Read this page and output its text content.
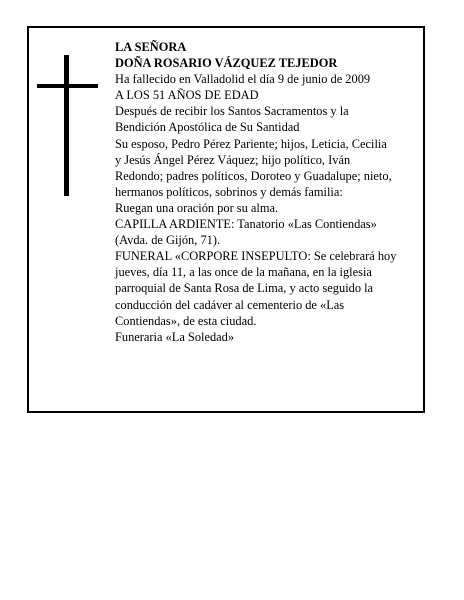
LA SEÑORA
DOÑA ROSARIO VÁZQUEZ TEJEDOR
Ha fallecido en Valladolid el día 9 de junio de 2009
A LOS 51 AÑOS DE EDAD
Después de recibir los Santos Sacramentos y la
Bendición Apostólica de Su Santidad
Su esposo, Pedro Pérez Pariente; hijos, Leticia, Cecilia
y Jesús Ángel Pérez Váquez; hijo político, Iván
Redondo; padres políticos, Doroteo y Guadalupe; nieto,
hermanos políticos, sobrinos y demás familia:
Ruegan una oración por su alma.
CAPILLA ARDIENTE: Tanatorio «Las Contiendas»
(Avda. de Gijón, 71).
FUNERAL «CORPORE INSEPULTO: Se celebrará hoy
jueves, día 11, a las once de la mañana, en la iglesia
parroquial de Santa Rosa de Lima, y acto seguido la
conducción del cadáver al cementerio de «Las
Contiendas», de esta ciudad.
Funeraria «La Soledad»
